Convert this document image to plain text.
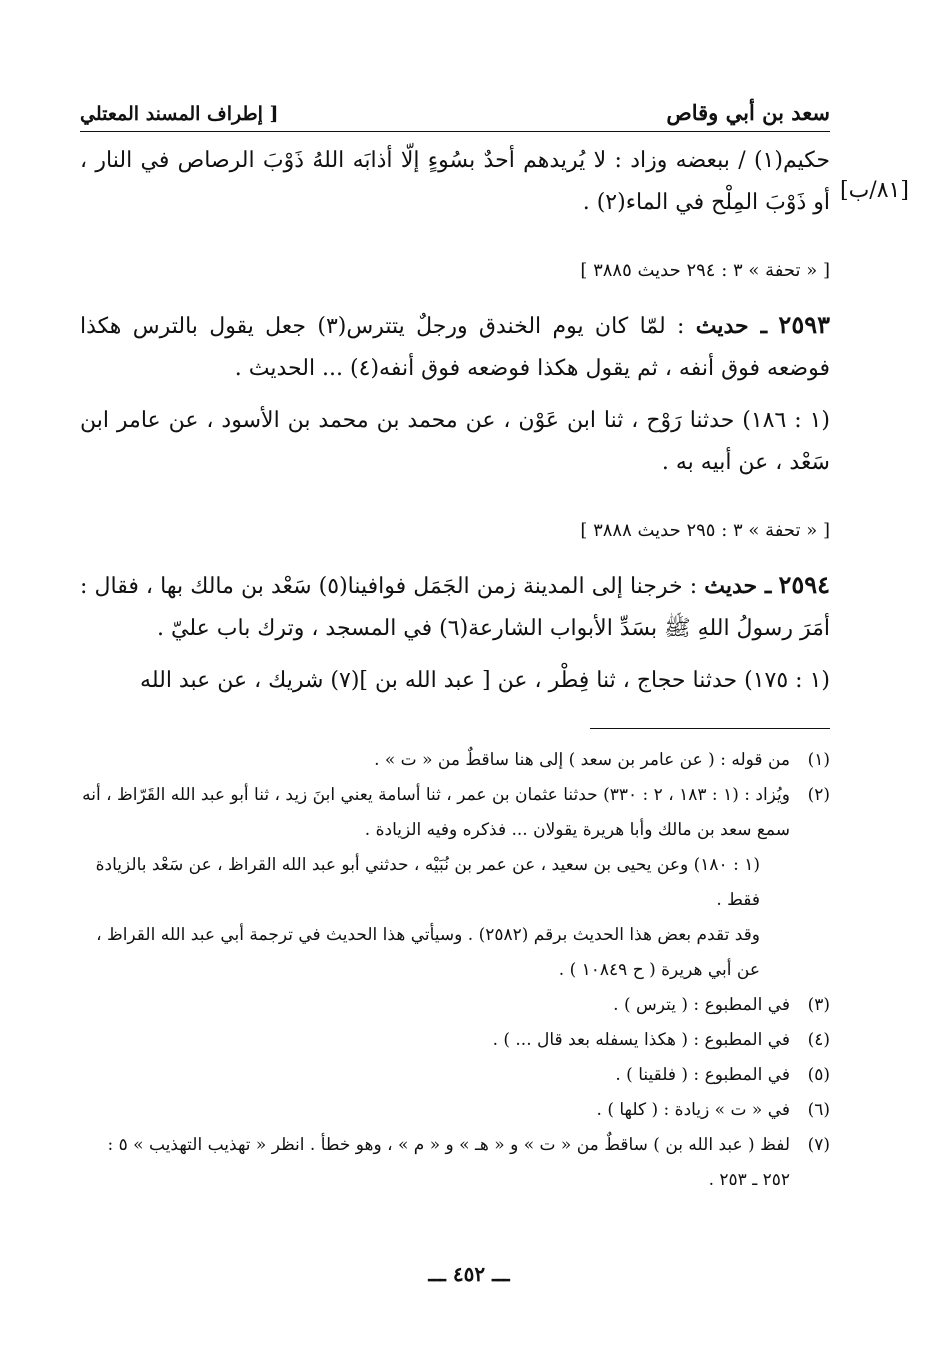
سعد بن أبي وقاص
[ إطراف المسند المعتلي
[٨١/ب]

حكيم(١) / ببعضه وزاد : لا يُريدهم أحدٌ بسُوءٍ إلّا أذابَه اللهُ ذَوْبَ الرصاص في النار ، أو ذَوْبَ المِلْح في الماء(٢) .

[ « تحفة » ٣ : ٢٩٤ حديث ٣٨٨٥ ]

٢٥٩٣ ـ حديث : لمّا كان يوم الخندق ورجلٌ يتترس(٣) جعل يقول بالترس هكذا فوضعه فوق أنفه ، ثم يقول هكذا فوضعه فوق أنفه(٤) ... الحديث .

(١ : ١٨٦) حدثنا رَوْح ، ثنا ابن عَوْن ، عن محمد بن محمد بن الأسود ، عن عامر ابن سَعْد ، عن أبيه به .

[ « تحفة » ٣ : ٢٩٥ حديث ٣٨٨٨ ]

٢٥٩٤ ـ حديث : خرجنا إلى المدينة زمن الجَمَل فوافينا(٥) سَعْد بن مالك بها ، فقال : أمَرَ رسولُ اللهِ ﷺ بسَدِّ الأبواب الشارعة(٦) في المسجد ، وترك باب عليّ .

(١ : ١٧٥) حدثنا حجاج ، ثنا فِطْر ، عن [ عبد الله بن ](٧) شريك ، عن عبد الله

(١)
من قوله : ( عن عامر بن سعد ) إلى هنا ساقطٌ من « ت » .
(٢)
ويُزاد : (١ : ١٨٣ ، ٢ : ٣٣٠) حدثنا عثمان بن عمر ، ثنا أسامة يعني ابنَ زيد ، ثنا أبو عبد الله القَرّاظ ، أنه سمع سعد بن مالك وأبا هريرة يقولان ... فذكره وفيه الزيادة .
(١ : ١٨٠) وعن يحيى بن سعيد ، عن عمر بن نُبَيْه ، حدثني أبو عبد الله القراظ ، عن سَعْد بالزيادة فقط .
وقد تقدم بعض هذا الحديث برقم (٢٥٨٢) . وسيأتي هذا الحديث في ترجمة أبي عبد الله القراظ ، عن أبي هريرة ( ح ١٠٨٤٩ ) .
(٣)
في المطبوع : ( يترس ) .
(٤)
في المطبوع : ( هكذا يسفله بعد قال ... ) .
(٥)
في المطبوع : ( فلقينا ) .
(٦)
في « ت » زيادة : ( كلها ) .
(٧)
لفظ ( عبد الله بن ) ساقطٌ من « ت » و « هـ » و « م » ، وهو خطأ . انظر « تهذيب التهذيب » ٥ : ٢٥٢ ـ ٢٥٣ .
ـــ ٤٥٢ ـــ
